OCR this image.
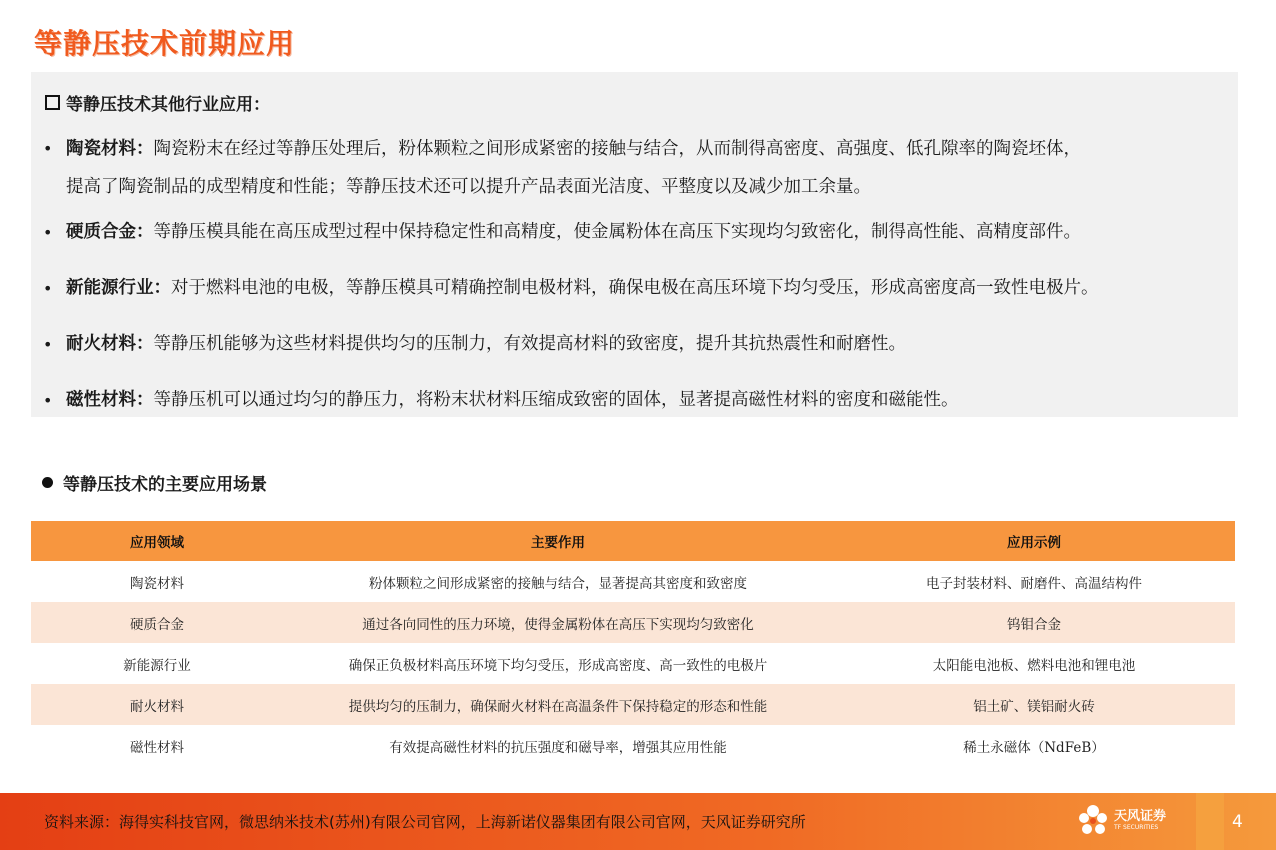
等静压技术前期应用
等静压技术其他行业应用：
• 陶瓷材料：陶瓷粉末在经过等静压处理后，粉体颗粒之间形成紧密的接触与结合，从而制得高密度、高强度、低孔隙率的陶瓷坯体，
提高了陶瓷制品的成型精度和性能；等静压技术还可以提升产品表面光洁度、平整度以及减少加工余量。
• 硬质合金：等静压模具能在高压成型过程中保持稳定性和高精度，使金属粉体在高压下实现均匀致密化，制得高性能、高精度部件。
• 新能源行业：对于燃料电池的电极，等静压模具可精确控制电极材料，确保电极在高压环境下均匀受压，形成高密度高一致性电极片。
• 耐火材料：等静压机能够为这些材料提供均匀的压制力，有效提高材料的致密度，提升其抗热震性和耐磨性。
• 磁性材料：等静压机可以通过均匀的静压力，将粉末状材料压缩成致密的固体，显著提高磁性材料的密度和磁能性。
等静压技术的主要应用场景
应用领域	主要作用	应用示例
陶瓷材料	粉体颗粒之间形成紧密的接触与结合，显著提高其密度和致密度	电子封装材料、耐磨件、高温结构件
硬质合金	通过各向同性的压力环境，使得金属粉体在高压下实现均匀致密化	钨钼合金
新能源行业	确保正负极材料高压环境下均匀受压，形成高密度、高一致性的电极片	太阳能电池板、燃料电池和锂电池
耐火材料	提供均匀的压制力，确保耐火材料在高温条件下保持稳定的形态和性能	铝土矿、镁铝耐火砖
磁性材料	有效提高磁性材料的抗压强度和磁导率，增强其应用性能	稀土永磁体（NdFeB）
资料来源：海得实科技官网，微思纳米技术(苏州)有限公司官网，上海新诺仪器集团有限公司官网，天风证券研究所	天风证券
TF SECURITIES	4
